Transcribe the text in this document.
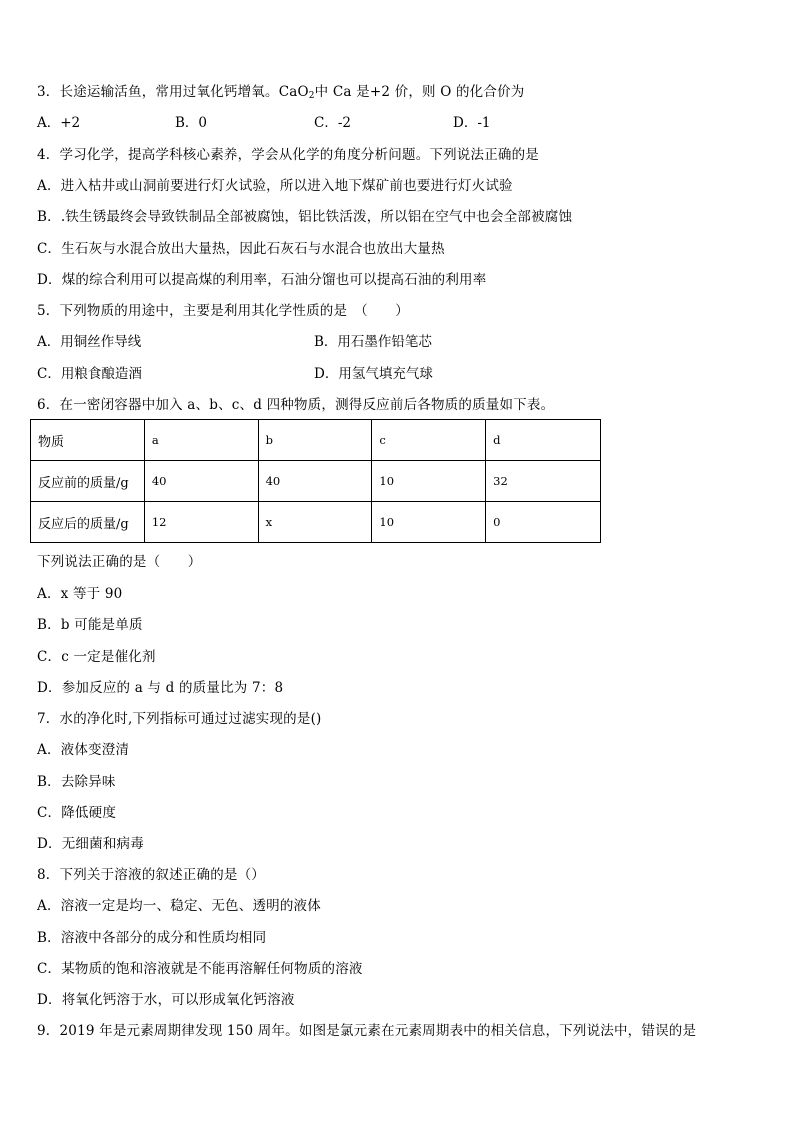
3．长途运输活鱼，常用过氧化钙增氧。CaO$_2$中 Ca 是+2 价，则 O 的化合价为
A．+2	B．0	C．-2	D．-1
4．学习化学，提高学科核心素养，学会从化学的角度分析问题。下列说法正确的是
A．进入枯井或山洞前要进行灯火试验，所以进入地下煤矿前也要进行灯火试验
B．.铁生锈最终会导致铁制品全部被腐蚀，铝比铁活泼，所以铝在空气中也会全部被腐蚀
C．生石灰与水混合放出大量热，因此石灰石与水混合也放出大量热
D．煤的综合利用可以提高煤的利用率，石油分馏也可以提高石油的利用率
5．下列物质的用途中，主要是利用其化学性质的是　（　　）
A．用铜丝作导线	B．用石墨作铅笔芯
C．用粮食酿造酒	D．用氢气填充气球
6．在一密闭容器中加入 a、b、c、d 四种物质，测得反应前后各物质的质量如下表。
物质	a	b	c	d
反应前的质量/g	40	40	10	32
反应后的质量/g	12	x	10	0
下列说法正确的是（　　）
A．x 等于 90
B．b 可能是单质
C．c 一定是催化剂
D．参加反应的 a 与 d 的质量比为 7：8
7．水的净化时,下列指标可通过过滤实现的是()
A．液体变澄清
B．去除异味
C．降低硬度
D．无细菌和病毒
8．下列关于溶液的叙述正确的是（）
A．溶液一定是均一、稳定、无色、透明的液体
B．溶液中各部分的成分和性质均相同
C．某物质的饱和溶液就是不能再溶解任何物质的溶液
D．将氧化钙溶于水，可以形成氧化钙溶液
9．2019 年是元素周期律发现 150 周年。如图是氯元素在元素周期表中的相关信息，下列说法中，错误的是
